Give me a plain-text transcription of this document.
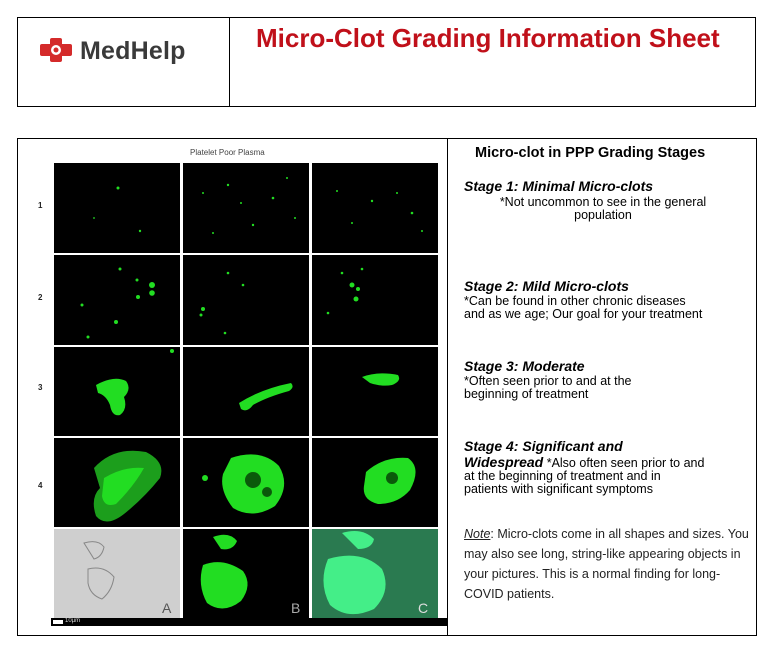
MedHelp	Micro-Clot Grading Information Sheet
Platelet Poor Plasma
1
2
3
4
A	B	C
10µm
Micro-clot in PPP Grading Stages
Stage 1: Minimal Micro-clots
*Not uncommon to see in the general
population
Stage 2: Mild Micro-clots
*Can be found in other chronic diseases
and as we age; Our goal for your treatment
Stage 3: Moderate
*Often seen prior to and at the
beginning of treatment
Stage 4: Significant and
Widespread *Also often seen prior to and
at the beginning of treatment and in
patients with significant symptoms
Note: Micro-clots come in all shapes and sizes. You may also see long, string-like appearing objects in your pictures. This is a normal finding for long-COVID patients.
